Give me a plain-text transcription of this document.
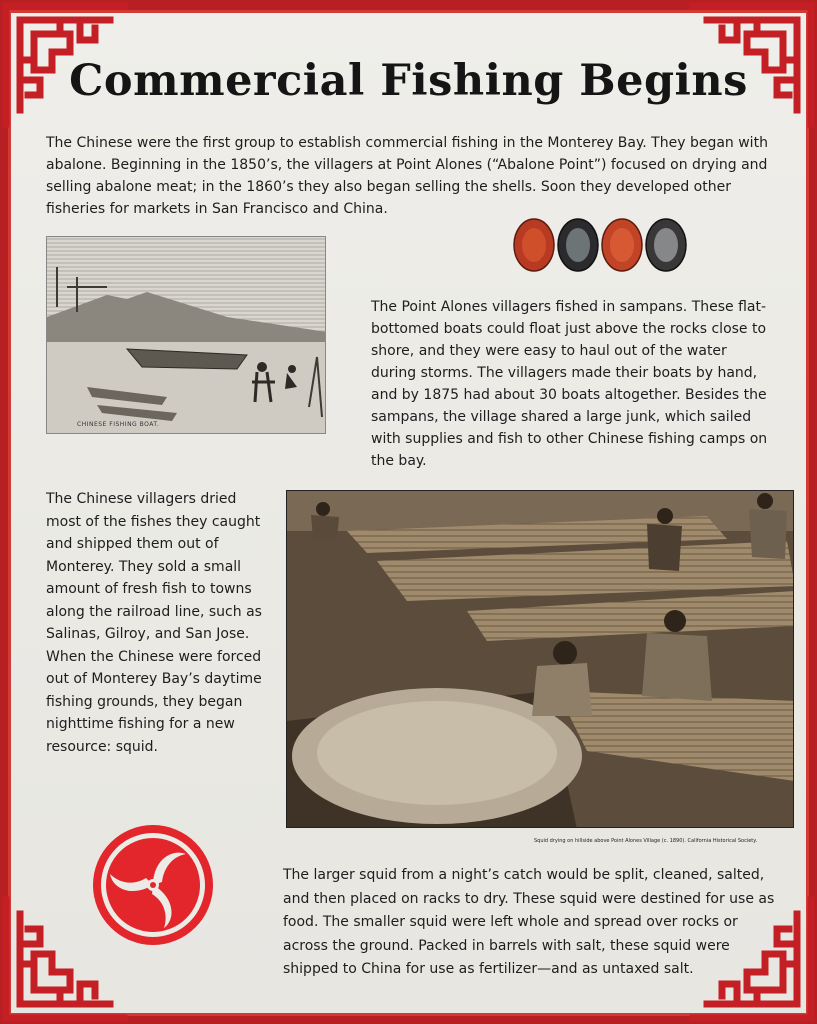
Commercial Fishing Begins

The Chinese were the first group to establish commercial fishing in the Monterey Bay. They began with abalone. Beginning in the 1850’s, the villagers at Point Alones (“Abalone Point”) focused on drying and selling abalone meat; in the 1860’s they also began selling the shells. Soon they developed other fisheries for markets in San Francisco and China.

CHINESE FISHING BOAT.

The Point Alones villagers fished in sampans. These flat-bottomed boats could float just above the rocks close to shore, and they were easy to haul out of the water during storms. The villagers made their boats by hand, and by 1875 had about 30 boats altogether. Besides the sampans, the village shared a large junk, which sailed with supplies and fish to other Chinese fishing camps on the bay.

The Chinese villagers dried most of the fishes they caught and shipped them out of Monterey. They sold a small amount of fresh fish to towns along the railroad line, such as Salinas, Gilroy, and San Jose. When the Chinese were forced out of Monterey Bay’s daytime fishing grounds, they began nighttime fishing for a new resource: squid.

Squid drying on hillside above Point Alones Village (c. 1890). California Historical Society.

The larger squid from a night’s catch would be split, cleaned, salted, and then placed on racks to dry. These squid were destined for use as food. The smaller squid were left whole and spread over rocks or across the ground. Packed in barrels with salt, these squid were shipped to China for use as fertilizer—and as untaxed salt.
